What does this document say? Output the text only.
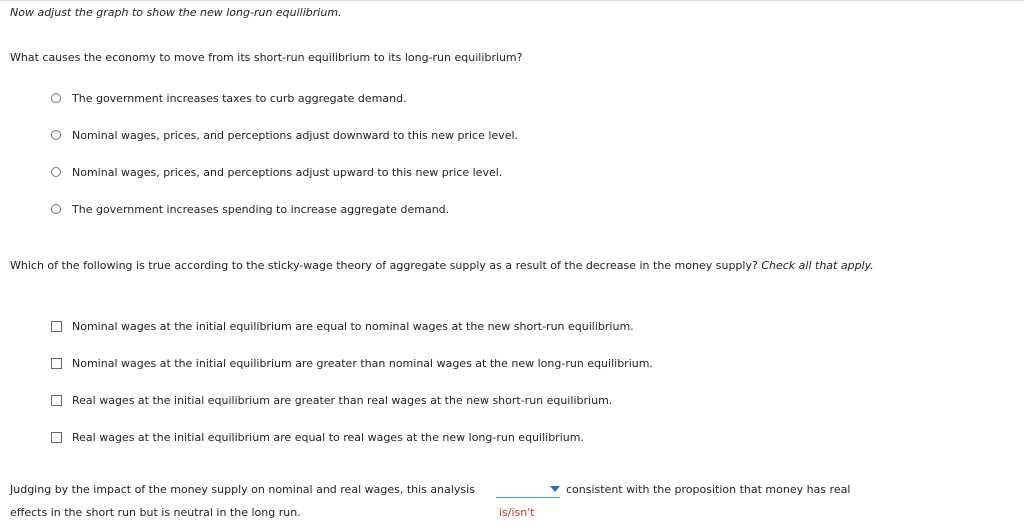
Now adjust the graph to show the new long-run equilibrium.
What causes the economy to move from its short-run equilibrium to its long-run equilibrium?
The government increases taxes to curb aggregate demand.
Nominal wages, prices, and perceptions adjust downward to this new price level.
Nominal wages, prices, and perceptions adjust upward to this new price level.
The government increases spending to increase aggregate demand.
Which of the following is true according to the sticky-wage theory of aggregate supply as a result of the decrease in the money supply? Check all that apply.
Nominal wages at the initial equilibrium are equal to nominal wages at the new short-run equilibrium.
Nominal wages at the initial equilibrium are greater than nominal wages at the new long-run equilibrium.
Real wages at the initial equilibrium are greater than real wages at the new short-run equilibrium.
Real wages at the initial equilibrium are equal to real wages at the new long-run equilibrium.
Judging by the impact of the money supply on nominal and real wages, this analysis	consistent with the proposition that money has real
effects in the short run but is neutral in the long run.	is/isn't
